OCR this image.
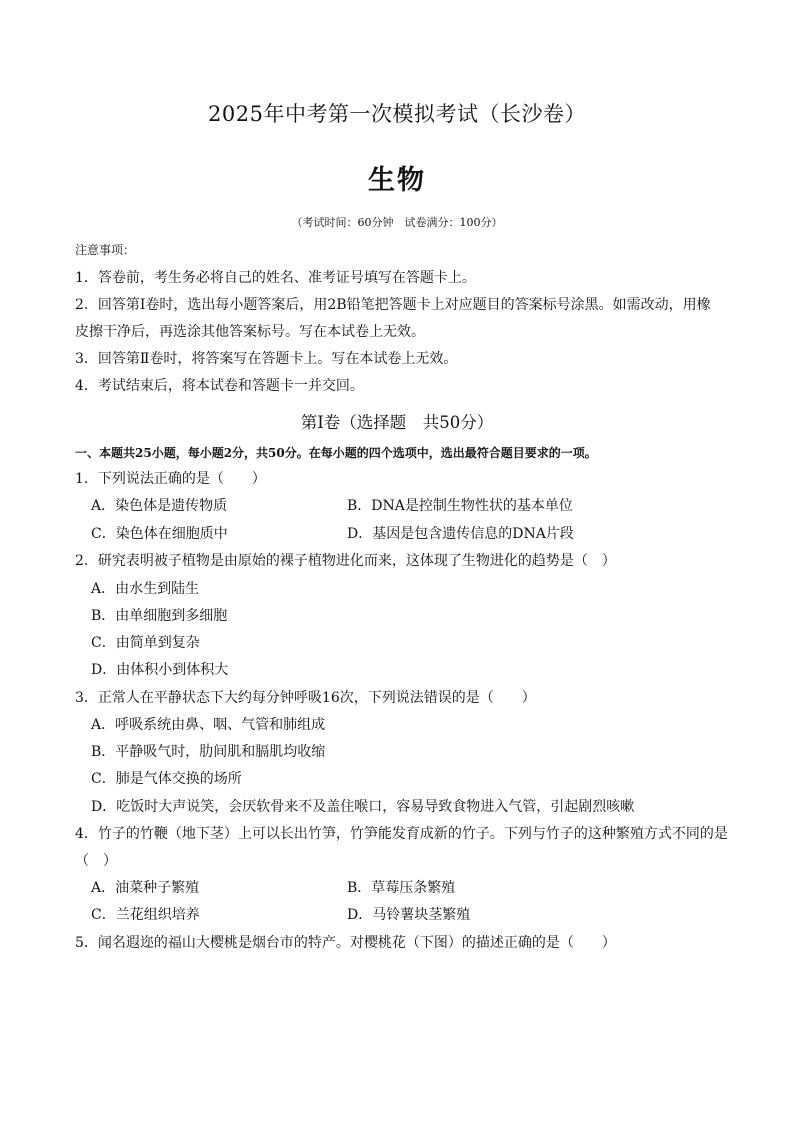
2025年中考第一次模拟考试（长沙卷）
生物
（考试时间：60分钟　试卷满分：100分）
注意事项：
1．答卷前，考生务必将自己的姓名、准考证号填写在答题卡上。
2．回答第Ⅰ卷时，选出每小题答案后，用2B铅笔把答题卡上对应题目的答案标号涂黑。如需改动，用橡
皮擦干净后，再选涂其他答案标号。写在本试卷上无效。
3．回答第Ⅱ卷时，将答案写在答题卡上。写在本试卷上无效。
4．考试结束后，将本试卷和答题卡一并交回。
第Ⅰ卷（选择题　共50分）
一、本题共25小题，每小题2分，共50分。在每小题的四个选项中，选出最符合题目要求的一项。
1．下列说法正确的是（　　）
A．染色体是遗传物质	B．DNA是控制生物性状的基本单位
C．染色体在细胞质中	D．基因是包含遗传信息的DNA片段
2．研究表明被子植物是由原始的裸子植物进化而来，这体现了生物进化的趋势是（　）
A．由水生到陆生
B．由单细胞到多细胞
C．由简单到复杂
D．由体积小到体积大
3．正常人在平静状态下大约每分钟呼吸16次，下列说法错误的是（　　）
A．呼吸系统由鼻、咽、气管和肺组成
B．平静吸气时，肋间肌和膈肌均收缩
C．肺是气体交换的场所
D．吃饭时大声说笑，会厌软骨来不及盖住喉口，容易导致食物进入气管，引起剧烈咳嗽
4．竹子的竹鞭（地下茎）上可以长出竹笋，竹笋能发育成新的竹子。下列与竹子的这种繁殖方式不同的是
（　）
A．油菜种子繁殖	B．草莓压条繁殖
C．兰花组织培养	D．马铃薯块茎繁殖
5．闻名遐迩的福山大樱桃是烟台市的特产。对樱桃花（下图）的描述正确的是（　　）
